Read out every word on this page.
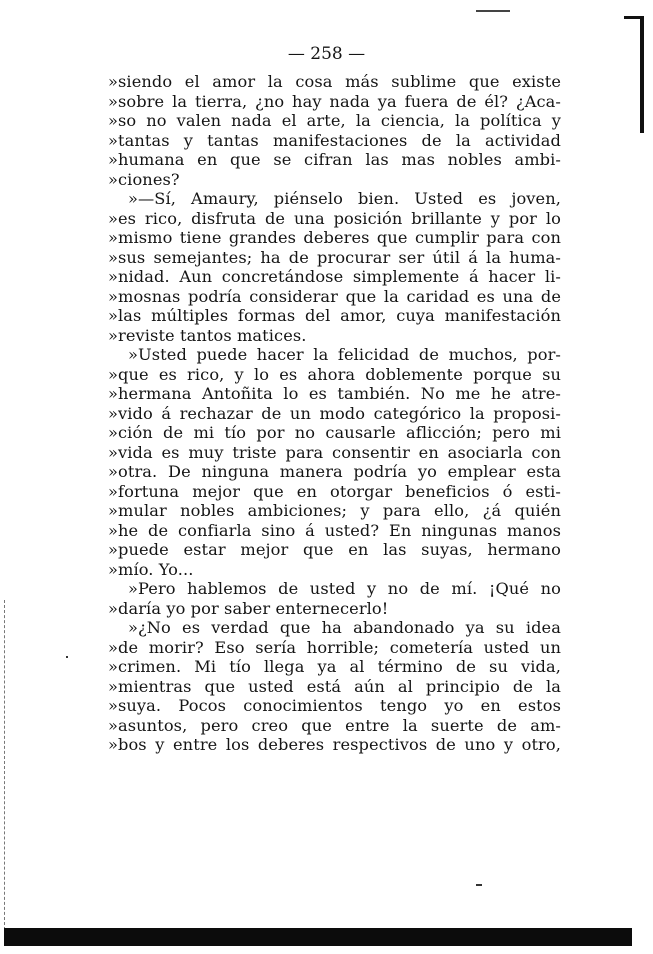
— 258 —
»siendo el amor la cosa más sublime que existe
»sobre la tierra, ¿no hay nada ya fuera de él? ¿Aca-
»so no valen nada el arte, la ciencia, la política y
»tantas y tantas manifestaciones de la actividad
»humana en que se cifran las mas nobles ambi-
»ciones?
»—Sí, Amaury, piénselo bien. Usted es joven,
»es rico, disfruta de una posición brillante y por lo
»mismo tiene grandes deberes que cumplir para con
»sus semejantes; ha de procurar ser útil á la huma-
»nidad. Aun concretándose simplemente á hacer li-
»mosnas podría considerar que la caridad es una de
»las múltiples formas del amor, cuya manifestación
»reviste tantos matices.
»Usted puede hacer la felicidad de muchos, por-
»que es rico, y lo es ahora doblemente porque su
»hermana Antoñita lo es también. No me he atre-
»vido á rechazar de un modo categórico la proposi-
»ción de mi tío por no causarle aflicción; pero mi
»vida es muy triste para consentir en asociarla con
»otra. De ninguna manera podría yo emplear esta
»fortuna mejor que en otorgar beneficios ó esti-
»mular nobles ambiciones; y para ello, ¿á quién
»he de confiarla sino á usted? En ningunas manos
»puede estar mejor que en las suyas, hermano
»mío. Yo...
»Pero hablemos de usted y no de mí. ¡Qué no
»daría yo por saber enternecerlo!
»¿No es verdad que ha abandonado ya su idea
»de morir? Eso sería horrible; cometería usted un
»crimen. Mi tío llega ya al término de su vida,
»mientras que usted está aún al principio de la
»suya. Pocos conocimientos tengo yo en estos
»asuntos, pero creo que entre la suerte de am-
»bos y entre los deberes respectivos de uno y otro,
